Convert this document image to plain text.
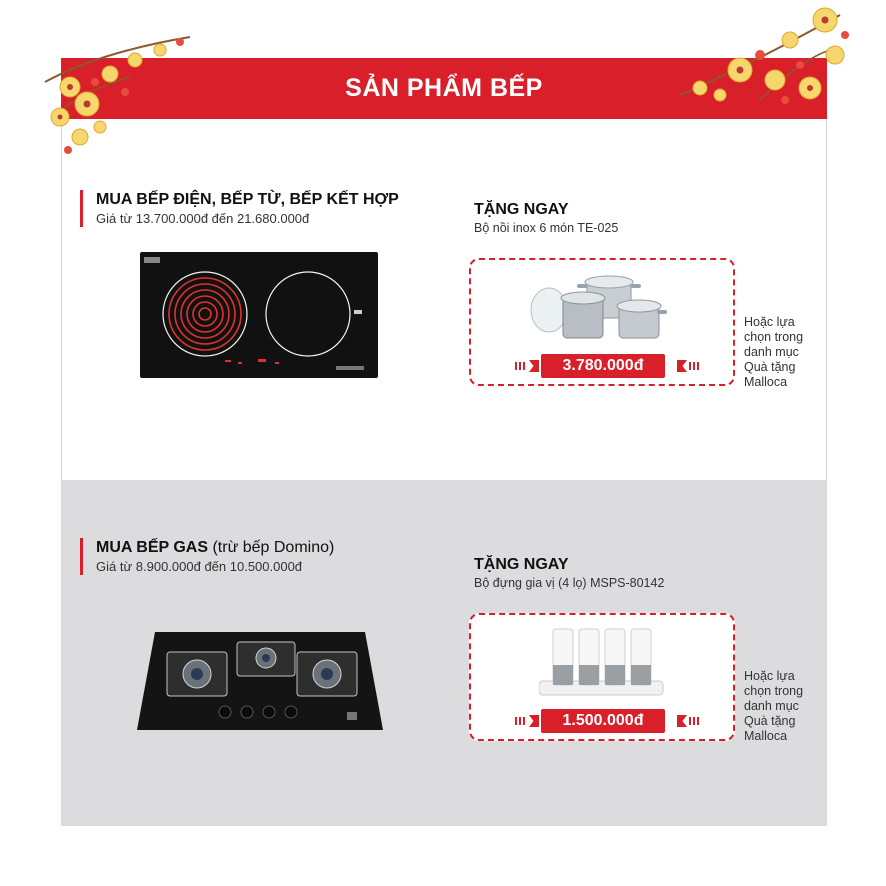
SẢN PHẨM BẾP
MUA BẾP ĐIỆN, BẾP TỪ, BẾP KẾT HỢP
Giá từ 13.700.000đ đến 21.680.000đ
TẶNG NGAY
Bộ nồi inox 6 món TE-025
3.780.000đ
Hoặc lựa
chọn trong
danh mục
Quà tặng
Malloca
MUA BẾP GAS (trừ bếp Domino)
Giá từ 8.900.000đ đến 10.500.000đ	TẶNG NGAY
Bộ đựng gia vị (4 lọ) MSPS-80142
1.500.000đ
Hoặc lựa
chọn trong
danh mục
Quà tặng
Malloca
